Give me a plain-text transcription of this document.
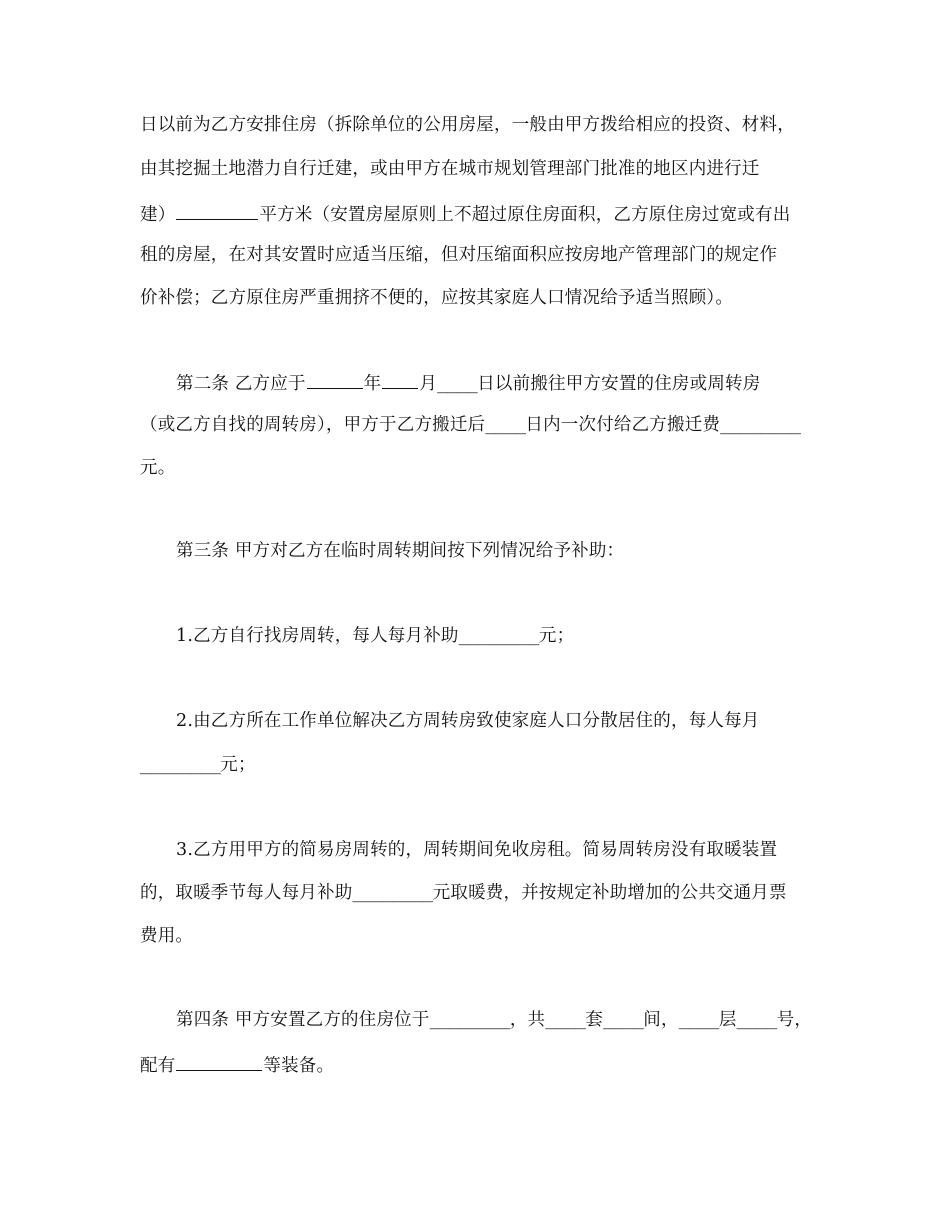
日以前为乙方安排住房（拆除单位的公用房屋，一般由甲方拨给相应的投资、材料，
由其挖掘土地潜力自行迁建，或由甲方在城市规划管理部门批准的地区内进行迁
建）	平方米（安置房屋原则上不超过原住房面积，乙方原住房过宽或有出
租的房屋，在对其安置时应适当压缩，但对压缩面积应按房地产管理部门的规定作
价补偿；乙方原住房严重拥挤不便的，应按其家庭人口情况给予适当照顾）。
第二条 乙方应于	年 月____日以前搬往甲方安置的住房或周转房
（或乙方自找的周转房），甲方于乙方搬迁后____日内一次付给乙方搬迁费________
元。
第三条 甲方对乙方在临时周转期间按下列情况给予补助：
1.乙方自行找房周转，每人每月补助________元；
2.由乙方所在工作单位解决乙方周转房致使家庭人口分散居住的，每人每月
________元；
3.乙方用甲方的简易房周转的，周转期间免收房租。简易周转房没有取暖装置
的，取暖季节每人每月补助________元取暖费，并按规定补助增加的公共交通月票
费用。
第四条 甲方安置乙方的住房位于________，共____套____间，____层____号，
配有	等装备。
